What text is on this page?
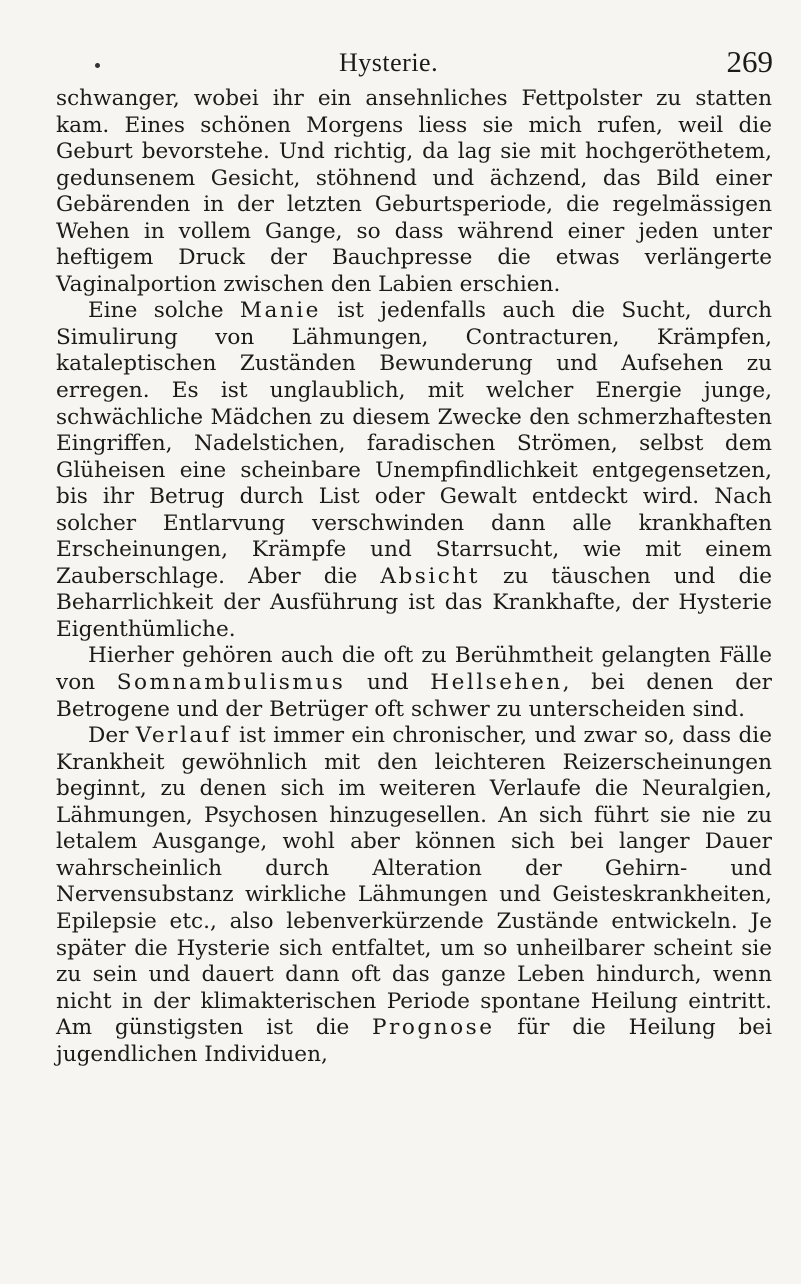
Hysterie.	269

schwanger, wobei ihr ein ansehnliches Fettpolster zu statten kam. Eines schönen Morgens liess sie mich rufen, weil die Geburt bevorstehe. Und richtig, da lag sie mit hochgeröthetem, gedunsenem Gesicht, stöhnend und ächzend, das Bild einer Gebärenden in der letzten Geburtsperiode, die regelmässigen Wehen in vollem Gange, so dass während einer jeden unter heftigem Druck der Bauchpresse die etwas verlängerte Vaginalportion zwischen den Labien erschien.

Eine solche Manie ist jedenfalls auch die Sucht, durch Simulirung von Lähmungen, Contracturen, Krämpfen, kataleptischen Zuständen Bewunderung und Aufsehen zu erregen. Es ist unglaublich, mit welcher Energie junge, schwächliche Mädchen zu diesem Zwecke den schmerzhaftesten Eingriffen, Nadelstichen, faradischen Strömen, selbst dem Glüheisen eine scheinbare Unempfindlichkeit entgegensetzen, bis ihr Betrug durch List oder Gewalt entdeckt wird. Nach solcher Entlarvung verschwinden dann alle krankhaften Erscheinungen, Krämpfe und Starrsucht, wie mit einem Zauberschlage. Aber die Absicht zu täuschen und die Beharrlichkeit der Ausführung ist das Krankhafte, der Hysterie Eigenthümliche.

Hierher gehören auch die oft zu Berühmtheit gelangten Fälle von Somnambulismus und Hellsehen, bei denen der Betrogene und der Betrüger oft schwer zu unterscheiden sind.

Der Verlauf ist immer ein chronischer, und zwar so, dass die Krankheit gewöhnlich mit den leichteren Reizerscheinungen beginnt, zu denen sich im weiteren Verlaufe die Neuralgien, Lähmungen, Psychosen hinzugesellen. An sich führt sie nie zu letalem Ausgange, wohl aber können sich bei langer Dauer wahrscheinlich durch Alteration der Gehirn- und Nervensubstanz wirkliche Lähmungen und Geisteskrankheiten, Epilepsie etc., also lebenverkürzende Zustände entwickeln. Je später die Hysterie sich entfaltet, um so unheilbarer scheint sie zu sein und dauert dann oft das ganze Leben hindurch, wenn nicht in der klimakterischen Periode spontane Heilung eintritt. Am günstigsten ist die Prognose für die Heilung bei jugendlichen Individuen,
